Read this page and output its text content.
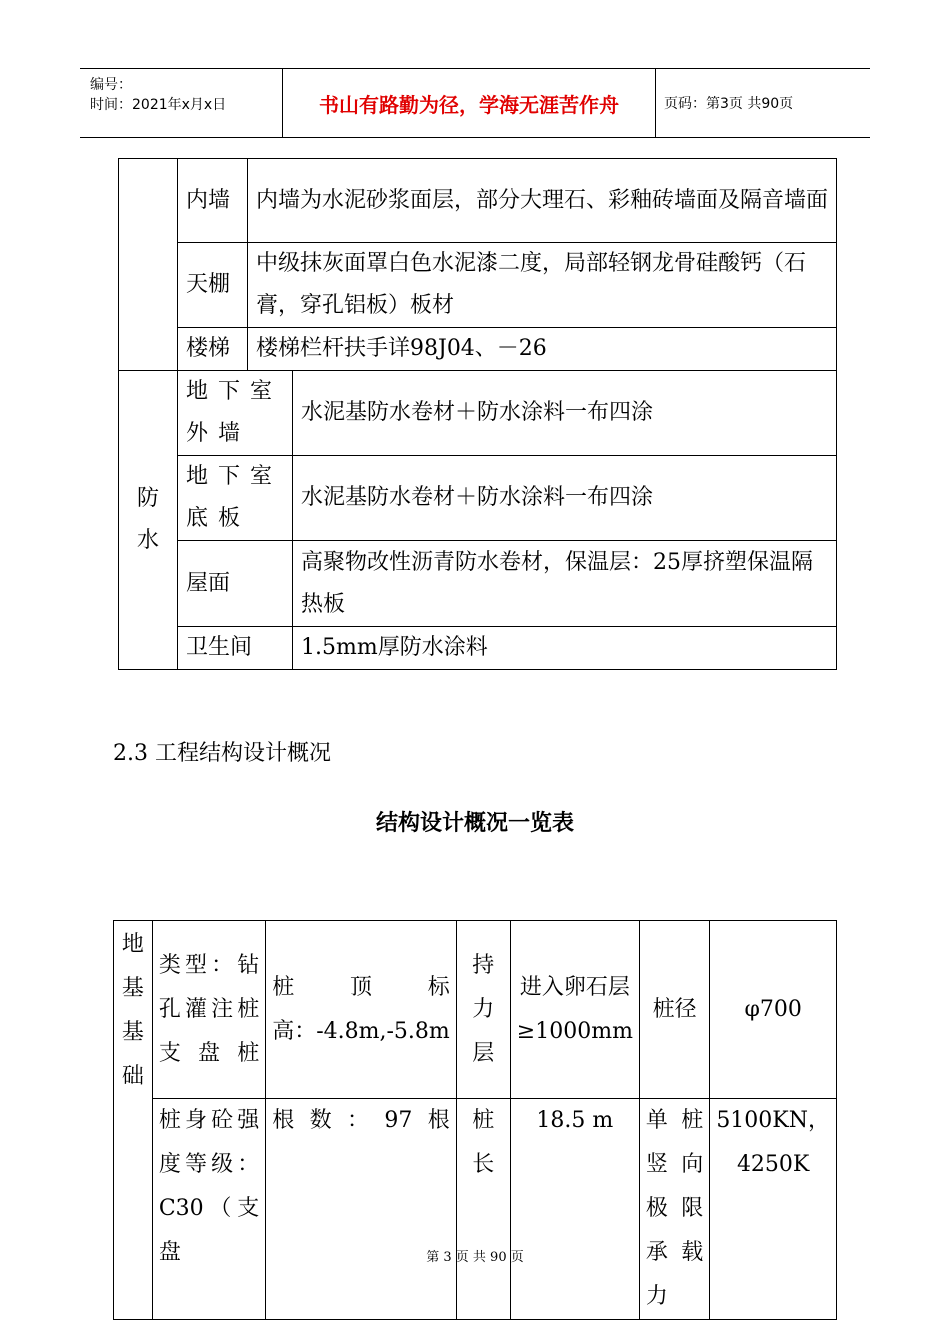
编号：
时间：2021年x月x日	书山有路勤为径，学海无涯苦作舟	页码：第3页 共90页
	内墙	内墙为水泥砂浆面层，部分大理石、彩釉砖墙面及隔音墙面	
	天棚	中级抹灰面罩白色水泥漆二度，局部轻钢龙骨硅酸钙（石膏，穿孔铝板）板材	
	楼梯	楼梯栏杆扶手详98J04、－26	
防水	地下室外墙		水泥基防水卷材＋防水涂料一布四涂
	地下室底板		水泥基防水卷材＋防水涂料一布四涂
	屋面		高聚物改性沥青防水卷材，保温层：25厚挤塑保温隔热板
	卫生间		1.5mm厚防水涂料
2.3 工程结构设计概况
结构设计概况一览表
地基基础	类型：钻孔灌注桩支盘桩	桩顶标高：-4.8m,-5.8m	持力层	进入卵石层≥1000mm	桩径	φ700
	桩身砼强度等级：C30（支盘	根数：97根	桩长	18.5 m	单桩竖向极限承载力	5100KN，4250K
第 3 页 共 90 页
